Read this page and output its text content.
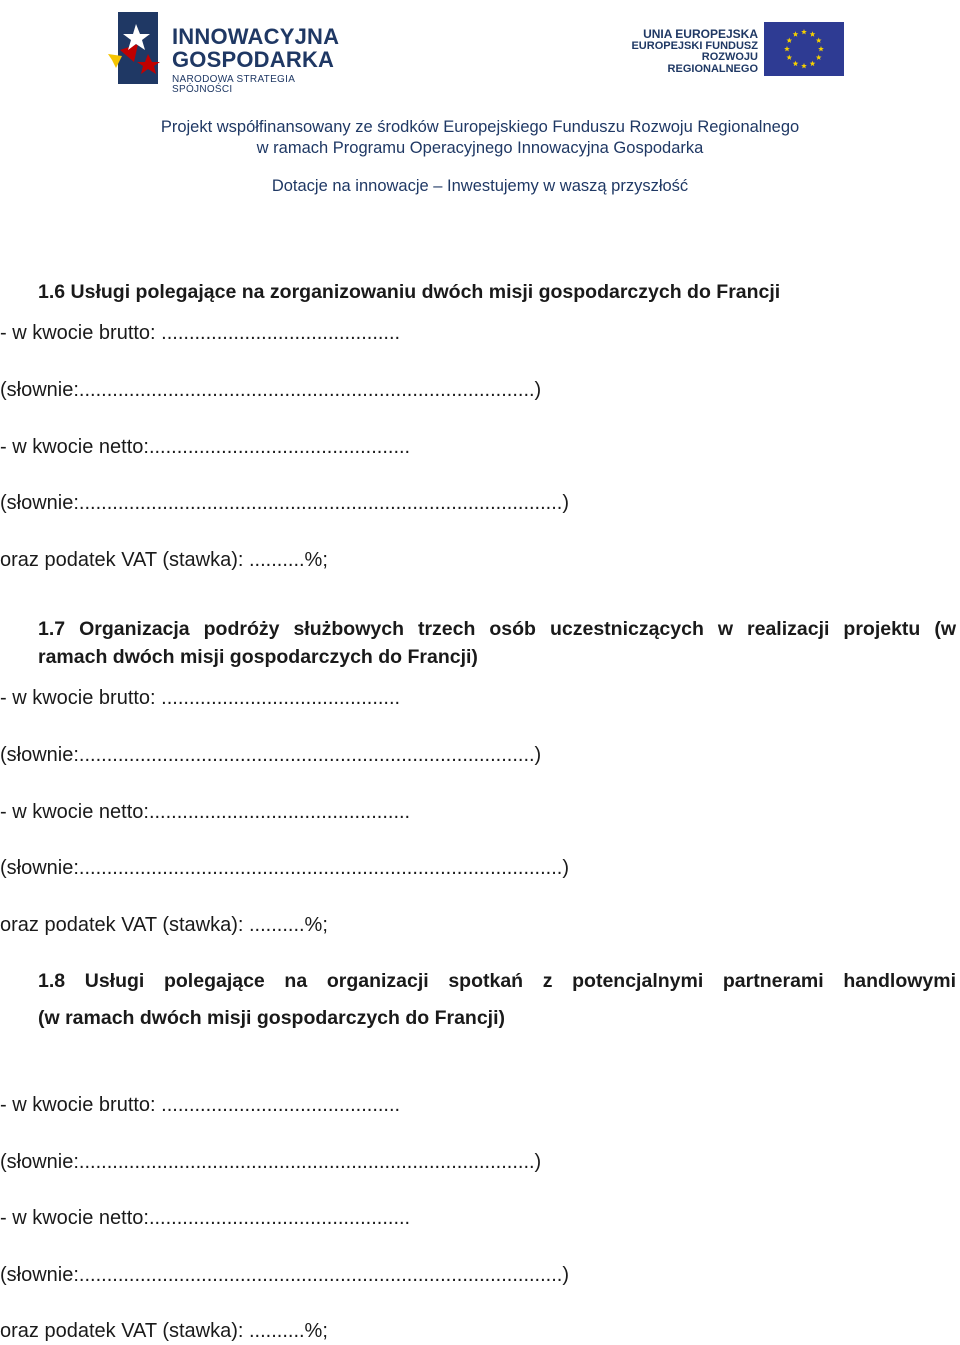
INNOWACYJNA
GOSPODARKA
NARODOWA STRATEGIA SPÓJNOŚCI
UNIA EUROPEJSKA
EUROPEJSKI FUNDUSZ
ROZWOJU REGIONALNEGO
Projekt współfinansowany ze środków Europejskiego Funduszu Rozwoju Regionalnego
w ramach Programu Operacyjnego Innowacyjna Gospodarka
Dotacje na innowacje – Inwestujemy w waszą przyszłość
1.6 Usługi polegające na zorganizowaniu dwóch misji gospodarczych do Francji
- w kwocie brutto: ...........................................
(słownie:..................................................................................)
- w kwocie netto:...............................................
(słownie:.......................................................................................)
oraz podatek VAT (stawka): ..........%;
1.7 Organizacja podróży służbowych trzech osób uczestniczących w realizacji projektu (w
ramach dwóch misji gospodarczych do Francji)
- w kwocie brutto: ...........................................
(słownie:..................................................................................)
- w kwocie netto:...............................................
(słownie:.......................................................................................)
oraz podatek VAT (stawka): ..........%;
1.8 Usługi polegające na organizacji spotkań z potencjalnymi partnerami handlowymi
(w ramach dwóch misji gospodarczych do Francji)
- w kwocie brutto: ...........................................
(słownie:..................................................................................)
- w kwocie netto:...............................................
(słownie:.......................................................................................)
oraz podatek VAT (stawka): ..........%;
